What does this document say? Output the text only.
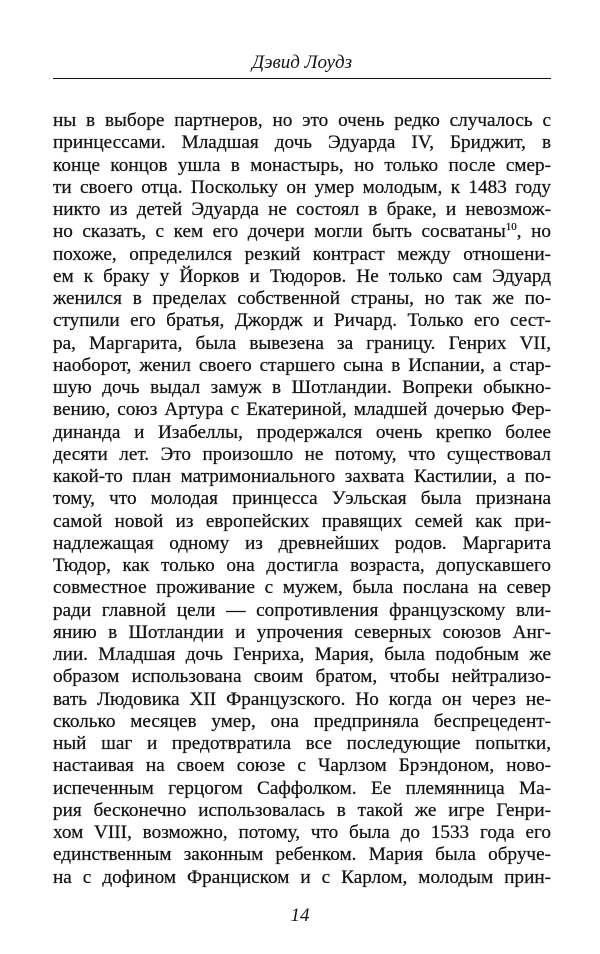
Дэвид Лоудз
ны в выборе партнеров, но это очень редко случалось с
принцессами. Младшая дочь Эдуарда IV, Бриджит, в
конце концов ушла в монастырь, но только после смер-
ти своего отца. Поскольку он умер молодым, к 1483 году
никто из детей Эдуарда не состоял в браке, и невозмож-
но сказать, с кем его дочери могли быть сосватаны$^{10}$, но
похоже, определился резкий контраст между отношени-
ем к браку у Йорков и Тюдоров. Не только сам Эдуард
женился в пределах собственной страны, но так же по-
ступили его братья, Джордж и Ричард. Только его сест-
ра, Маргарита, была вывезена за границу. Генрих VII,
наоборот, женил своего старшего сына в Испании, а стар-
шую дочь выдал замуж в Шотландии. Вопреки обыкно-
вению, союз Артура с Екатериной, младшей дочерью Фер-
динанда и Изабеллы, продержался очень крепко более
десяти лет. Это произошло не потому, что существовал
какой-то план матримониального захвата Кастилии, а по-
тому, что молодая принцесса Уэльская была признана
самой новой из европейских правящих семей как при-
надлежащая одному из древнейших родов. Маргарита
Тюдор, как только она достигла возраста, допускавшего
совместное проживание с мужем, была послана на север
ради главной цели — сопротивления французскому вли-
янию в Шотландии и упрочения северных союзов Анг-
лии. Младшая дочь Генриха, Мария, была подобным же
образом использована своим братом, чтобы нейтрализо-
вать Людовика XII Французского. Но когда он через не-
сколько месяцев умер, она предприняла беспрецедент-
ный шаг и предотвратила все последующие попытки,
настаивая на своем союзе с Чарлзом Брэндоном, ново-
испеченным герцогом Саффолком. Ее племянница Ма-
рия бесконечно использовалась в такой же игре Генри-
хом VIII, возможно, потому, что была до 1533 года его
единственным законным ребенком. Мария была обруче-
на с дофином Франциском и с Карлом, молодым прин-
14
